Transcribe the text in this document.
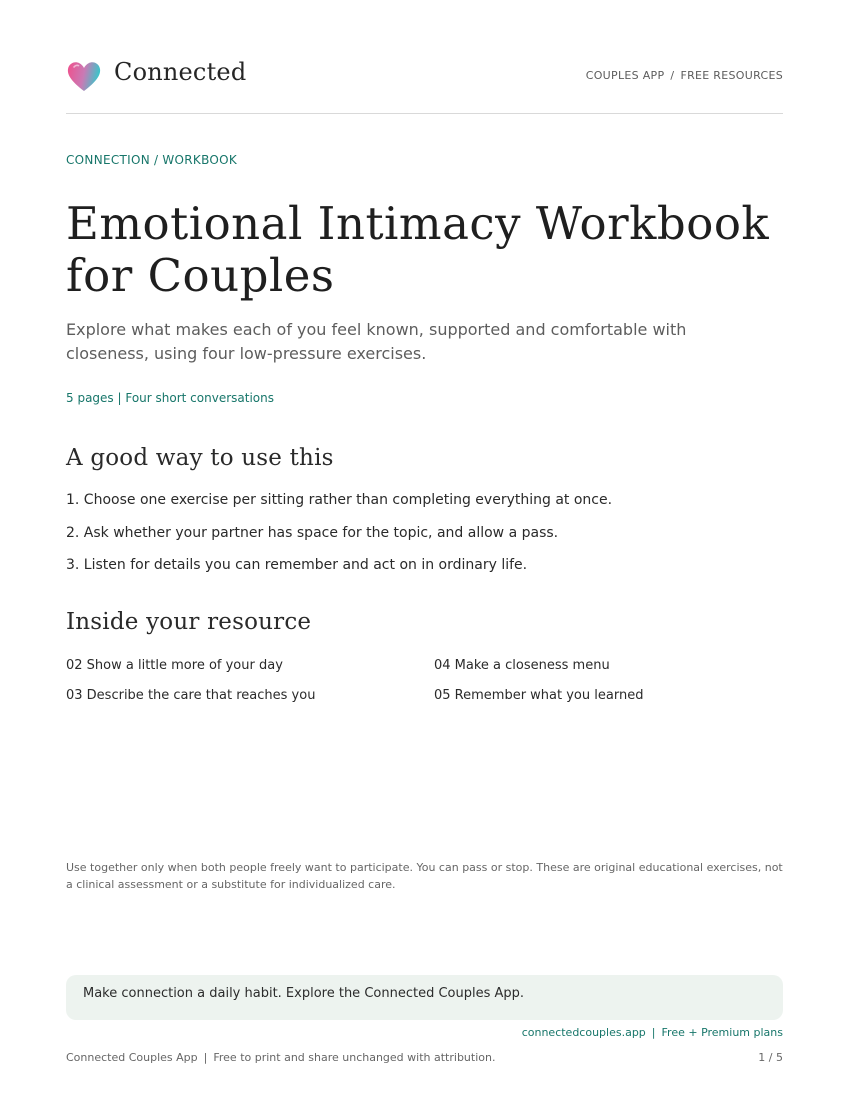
Connected	COUPLES APP / FREE RESOURCES
CONNECTION / WORKBOOK
Emotional Intimacy Workbook for Couples

Explore what makes each of you feel known, supported and comfortable with closeness, using four low-pressure exercises.

5 pages | Four short conversations

A good way to use this
1. Choose one exercise per sitting rather than completing everything at once.
2. Ask whether your partner has space for the topic, and allow a pass.
3. Listen for details you can remember and act on in ordinary life.
Inside your resource
02 Show a little more of your day
03 Describe the care that reaches you
04 Make a closeness menu
05 Remember what you learned

Use together only when both people freely want to participate. You can pass or stop. These are original educational exercises, not a clinical assessment or a substitute for individualized care.

Make connection a daily habit. Explore the Connected Couples App.
connectedcouples.app | Free + Premium plans
Connected Couples App | Free to print and share unchanged with attribution.	1 / 5
